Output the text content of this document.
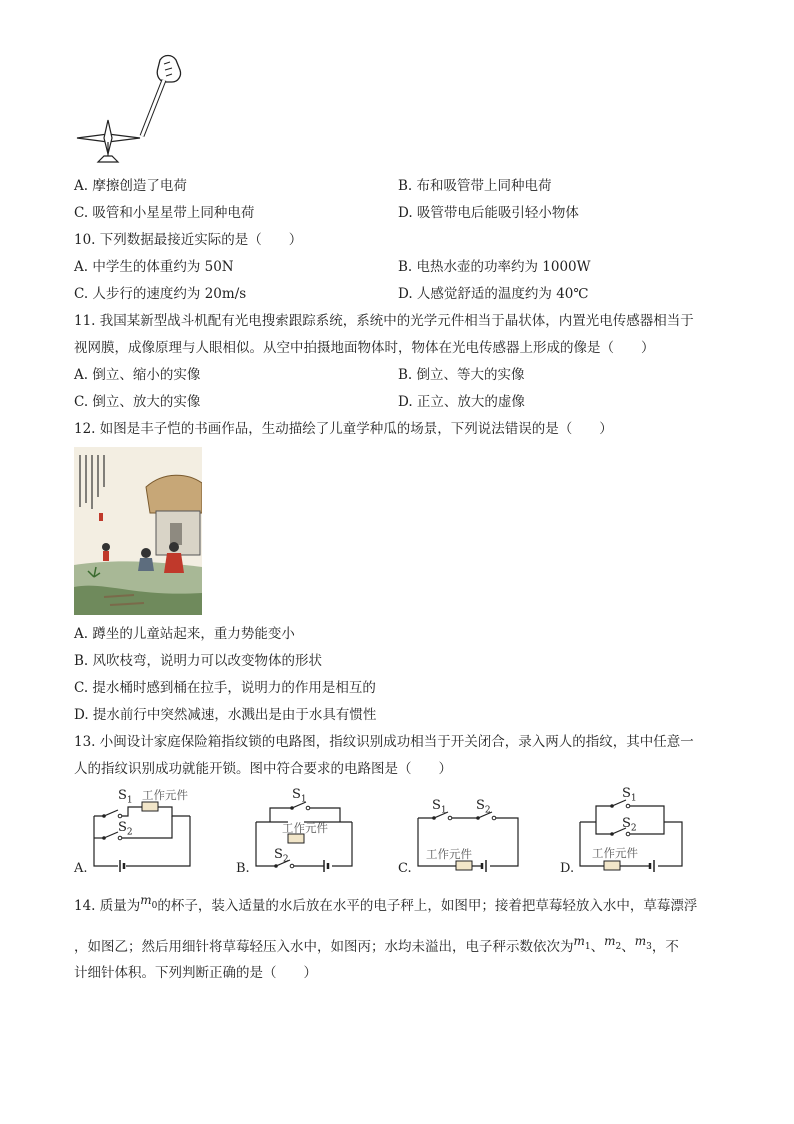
A. 摩擦创造了电荷	B. 布和吸管带上同种电荷
C. 吸管和小星星带上同种电荷	D. 吸管带电后能吸引轻小物体
10. 下列数据最接近实际的是（　　）
A. 中学生的体重约为 50N	B. 电热水壶的功率约为 1000W
C. 人步行的速度约为 20m/s	D. 人感觉舒适的温度约为 40℃
11. 我国某新型战斗机配有光电搜索跟踪系统，系统中的光学元件相当于晶状体，内置光电传感器相当于
视网膜，成像原理与人眼相似。从空中拍摄地面物体时，物体在光电传感器上形成的像是（　　）
A. 倒立、缩小的实像	B. 倒立、等大的实像
C. 倒立、放大的实像	D. 正立、放大的虚像
12. 如图是丰子恺的书画作品，生动描绘了儿童学种瓜的场景，下列说法错误的是（　　）
A. 蹲坐的儿童站起来，重力势能变小
B. 风吹枝弯，说明力可以改变物体的形状
C. 提水桶时感到桶在拉手，说明力的作用是相互的
D. 提水前行中突然减速，水溅出是由于水具有惯性
13. 小闽设计家庭保险箱指纹锁的电路图，指纹识别成功相当于开关闭合，录入两人的指纹，其中任意一
人的指纹识别成功就能开锁。图中符合要求的电路图是（　　）
$S_1$ 工作元件
$S_2$
A.
$S_1$
工作元件
$S_2$
B.
$S_1$ $S_2$
工作元件
C.
$S_1$
$S_2$
工作元件
D.
14. 质量为$m_0$的杯子，装入适量的水后放在水平的电子秤上，如图甲；接着把草莓轻放入水中，草莓漂浮
，如图乙；然后用细针将草莓轻压入水中，如图丙；水均未溢出，电子秤示数依次为$m_1$、$m_2$、$m_3$，不
计细针体积。下列判断正确的是（　　）
